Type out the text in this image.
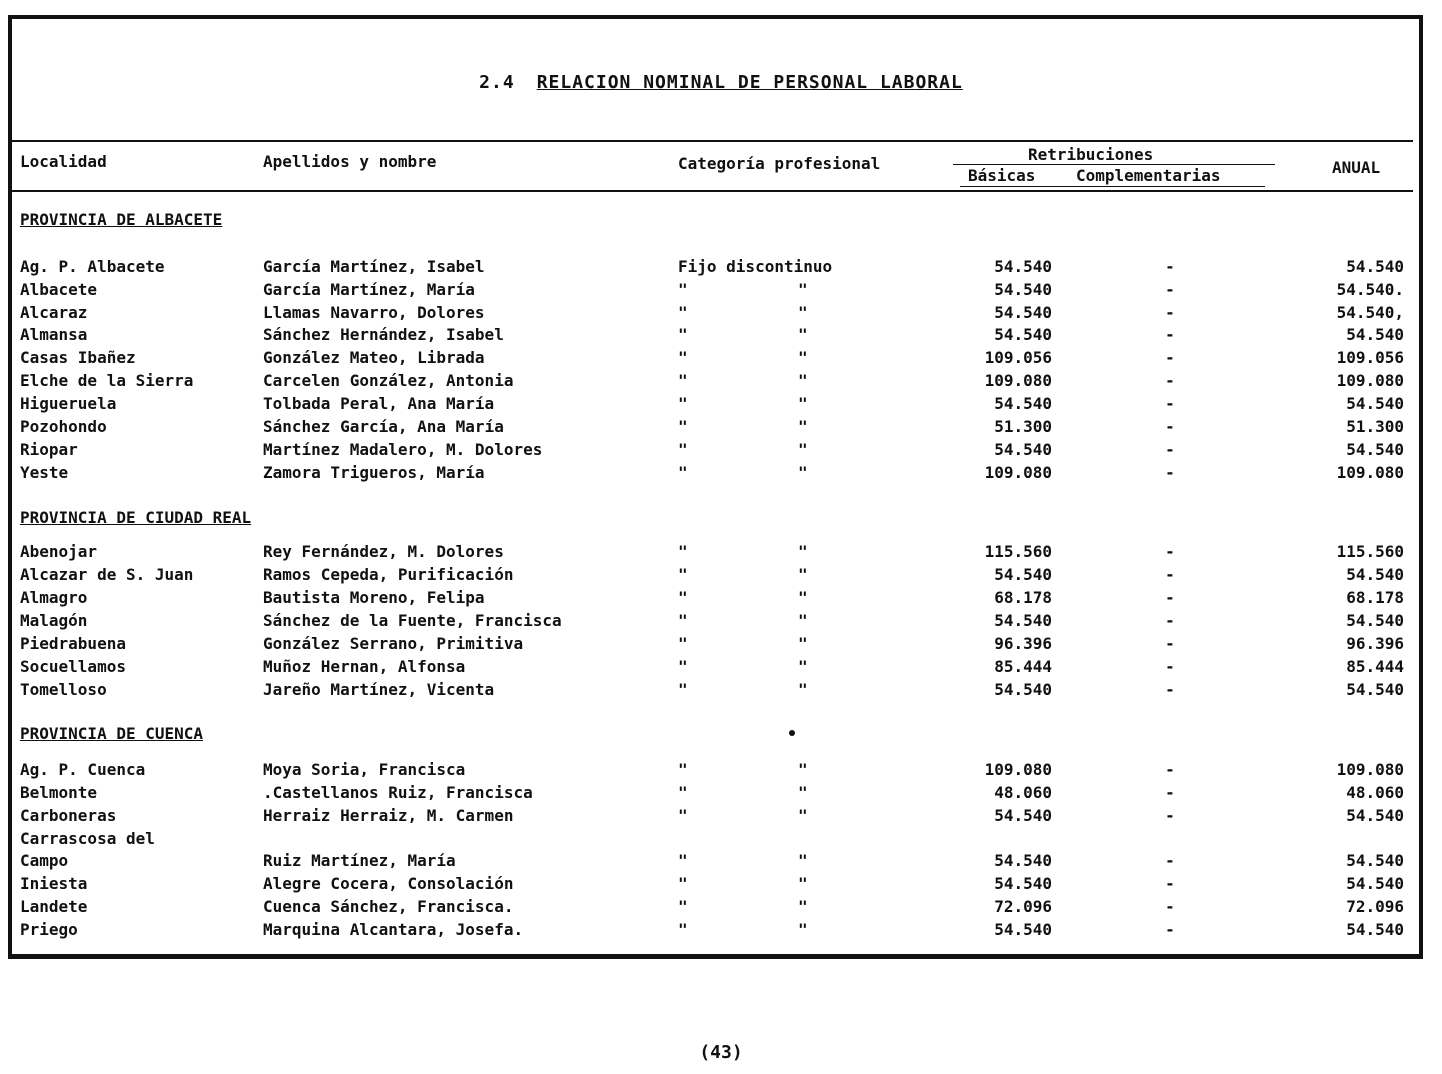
2.4 RELACION NOMINAL DE PERSONAL LABORAL
Localidad	Apellidos y nombre	Categoría profesional	Retribuciones
Básicas	Complementarias	ANUAL
PROVINCIA DE ALBACETE
Ag. P. Albacete	García Martínez, Isabel	Fijo discontinuo	54.540	-	54.540
Albacete	García Martínez, María	"	"	54.540	-	54.540.
Alcaraz	Llamas Navarro, Dolores	"	"	54.540	-	54.540,
Almansa	Sánchez Hernández, Isabel	"	"	54.540	-	54.540
Casas Ibañez	González Mateo, Librada	"	"	109.056	-	109.056
Elche de la Sierra	Carcelen González, Antonia	"	"	109.080	-	109.080
Higueruela	Tolbada Peral, Ana María	"	"	54.540	-	54.540
Pozohondo	Sánchez García, Ana María	"	"	51.300	-	51.300
Riopar	Martínez Madalero, M. Dolores	"	"	54.540	-	54.540
Yeste	Zamora Trigueros, María	"	"	109.080	-	109.080
PROVINCIA DE CIUDAD REAL
Abenojar	Rey Fernández, M. Dolores	"	"	115.560	-	115.560
Alcazar de S. Juan	Ramos Cepeda, Purificación	"	"	54.540	-	54.540
Almagro	Bautista Moreno, Felipa	"	"	68.178	-	68.178
Malagón	Sánchez de la Fuente, Francisca	"	"	54.540	-	54.540
Piedrabuena	González Serrano, Primitiva	"	"	96.396	-	96.396
Socuellamos	Muñoz Hernan, Alfonsa	"	"	85.444	-	85.444
Tomelloso	Jareño Martínez, Vicenta	"	"	54.540	-	54.540
PROVINCIA DE CUENCA
Ag. P. Cuenca	Moya Soria, Francisca	"	"	109.080	-	109.080
Belmonte	.Castellanos Ruiz, Francisca	"	"	48.060	-	48.060
Carboneras	Herraiz Herraiz, M. Carmen	"	"	54.540	-	54.540
Carrascosa del
Campo	Ruiz Martínez, María	"	"	54.540	-	54.540
Iniesta	Alegre Cocera, Consolación	"	"	54.540	-	54.540
Landete	Cuenca Sánchez, Francisca.	"	"	72.096	-	72.096
Priego	Marquina Alcantara, Josefa.	"	"	54.540	-	54.540
(43)
